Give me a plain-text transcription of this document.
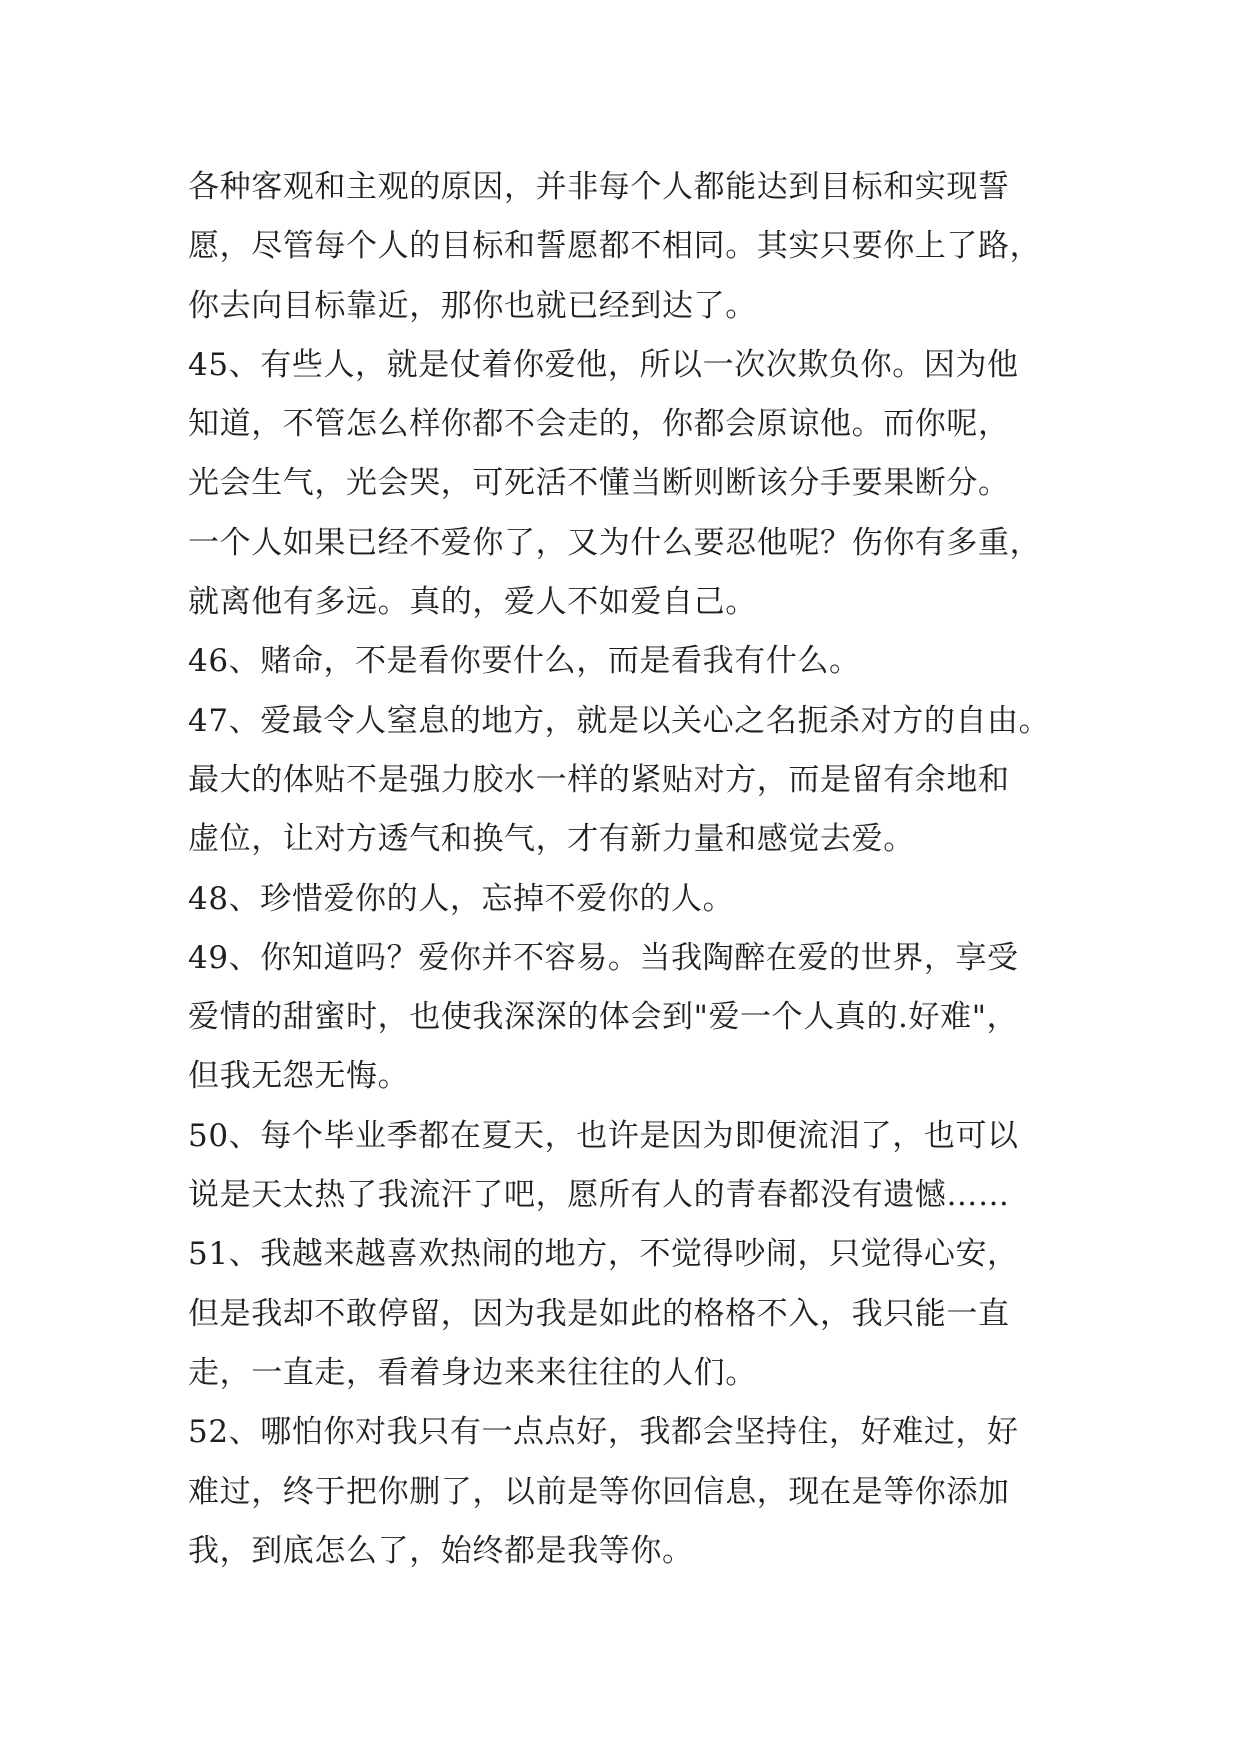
各种客观和主观的原因，并非每个人都能达到目标和实现誓

愿，尽管每个人的目标和誓愿都不相同。其实只要你上了路，

你去向目标靠近，那你也就已经到达了。

45、有些人，就是仗着你爱他，所以一次次欺负你。因为他

知道，不管怎么样你都不会走的，你都会原谅他。而你呢，

光会生气，光会哭，可死活不懂当断则断该分手要果断分。

一个人如果已经不爱你了，又为什么要忍他呢？伤你有多重，

就离他有多远。真的，爱人不如爱自己。

46、赌命，不是看你要什么，而是看我有什么。

47、爱最令人窒息的地方，就是以关心之名扼杀对方的自由。

最大的体贴不是强力胶水一样的紧贴对方，而是留有余地和

虚位，让对方透气和换气，才有新力量和感觉去爱。

48、珍惜爱你的人，忘掉不爱你的人。

49、你知道吗？爱你并不容易。当我陶醉在爱的世界，享受

爱情的甜蜜时，也使我深深的体会到"爱一个人真的.好难"，

但我无怨无悔。

50、每个毕业季都在夏天，也许是因为即便流泪了，也可以

说是天太热了我流汗了吧，愿所有人的青春都没有遗憾……

51、我越来越喜欢热闹的地方，不觉得吵闹，只觉得心安，

但是我却不敢停留，因为我是如此的格格不入，我只能一直

走，一直走，看着身边来来往往的人们。

52、哪怕你对我只有一点点好，我都会坚持住，好难过，好

难过，终于把你删了，以前是等你回信息，现在是等你添加

我，到底怎么了，始终都是我等你。
